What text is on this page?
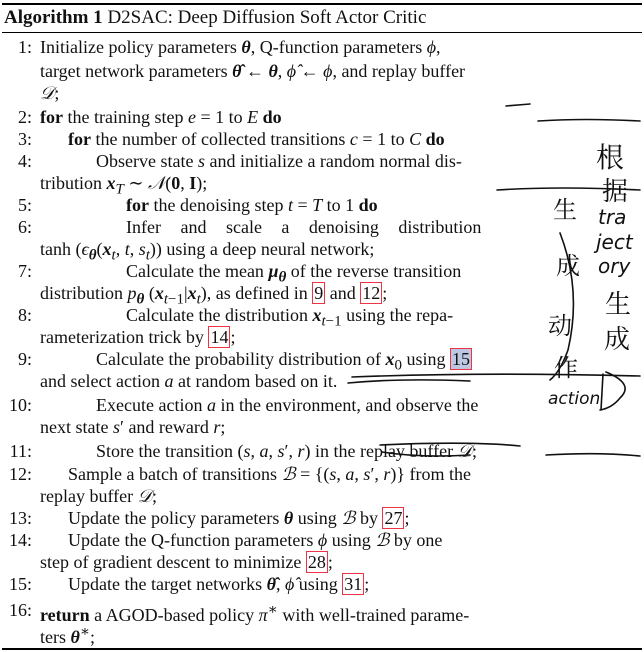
Algorithm 1 D2SAC: Deep Diffusion Soft Actor Critic
1: Initialize policy parameters θ, Q-function parameters ϕ,
target network parameters θ̂ ← θ, ϕ̂ ← ϕ, and replay buffer
𝒟;
2: for the training step e = 1 to E do
3: for the number of collected transitions c = 1 to C do
4:	Observe state s and initialize a random normal dis-
tribution $x_T$ ∼ 𝒩(0, I);
5:	for the denoising step t = T to 1 do
6:	Infer and scale a denoising distribution
$\tanh (\epsilon_\theta(x_t$, t, $s_t$)) using a deep neural network;
7:	Calculate the mean $\mu_\theta$ of the reverse transition
distribution $p_\theta$ $(x_{t-1}|x_t)$, as defined in 9 and 12 ;
8:	Calculate the distribution $x_{t-1}$ using the repa-
rameterization trick by 14 ;
9:	Calculate the probability distribution of $x_0$ using 15
and select action a at random based on it.
10:	Execute action a in the environment, and observe the
next state s′ and reward r;
11:	Store the transition (s, a, s′, r) in the replay buffer 𝒟;
12: Sample a batch of transitions ℬ = {(s, a, s′, r)} from the
replay buffer 𝒟;
13: Update the policy parameters θ using ℬ by 27 ;
14: Update the Q-function parameters ϕ using ℬ by one
step of gradient descent to minimize 28 ;
15: Update the target networks θ̂, ϕ̂ using 31 ;
16: return a AGOD-based policy π∗ with well-trained parame-
ters θ∗;
根
据
tra
ject
ory
生
成
生
成
动
作
action
